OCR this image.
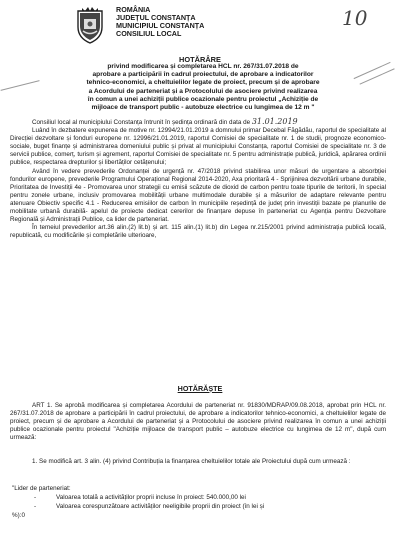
ROMÂNIA
JUDEȚUL CONSTANȚA
MUNICIPIUL CONSTANȚA
CONSILIUL LOCAL
10
HOTĂRÂRE
privind modificarea și completarea HCL nr. 267/31.07.2018 de
aprobare a participării în cadrul proiectului, de aprobare a indicatorilor
tehnico-economici, a cheltuielilor legate de proiect, precum și de aprobare
a Acordului de parteneriat și a Protocolului de asociere privind realizarea
în comun a unei achiziții publice ocazionale pentru proiectul „Achiziție de
mijloace de transport public - autobuze electrice cu lungimea de 12 m "

Consiliul local al municipiului Constanța întrunit în ședința ordinară din data de 31.01.2019

Luând în dezbatere expunerea de motive nr. 12994/21.01.2019 a domnului primar Decebal Făgădău, raportul de specialitate al Direcției dezvoltare și fonduri europene nr. 12996/21.01.2019, raportul Comisiei de specialitate nr. 1 de studii, prognoze economico-sociale, buget finanțe și administrarea domeniului public și privat al municipiului Constanța, raportul Comisiei de specialitate nr. 3 de servicii publice, comerț, turism și agrement, raportul Comisiei de specialitate nr. 5 pentru administrație publică, juridică, apărarea ordinii publice, respectarea drepturilor și libertăților cetățenului;

Având în vedere prevederile Ordonanței de urgență nr. 47/2018 privind stabilirea unor măsuri de urgentare a absorbției fondurilor europene, prevederile Programului Operațional Regional 2014-2020, Axa prioritară 4 - Sprijinirea dezvoltării urbane durabile, Prioritatea de Investiții 4e - Promovarea unor strategii cu emisii scăzute de dioxid de carbon pentru toate tipurile de teritorii, în special pentru zonele urbane, inclusiv promovarea mobilității urbane multimodale durabile și a măsurilor de adaptare relevante pentru atenuare Obiectiv specific 4.1 - Reducerea emisiilor de carbon în municipiile reședință de județ prin investiții bazate pe planurile de mobilitate urbană durabilă- apelul de proiecte dedicat cererilor de finanțare depuse în parteneriat cu Agenția pentru Dezvoltare Regională și Administrații Publice, ca lider de parteneriat.

În temeiul prevederilor art.36 alin.(2) lit.b) și art. 115 alin.(1) lit.b) din Legea nr.215/2001 privind administrația publică locală, republicată, cu modificările și completările ulterioare,

HOTĂRĂȘTE

ART 1. Se aprobă modificarea și completarea Acordului de parteneriat nr. 91830/MDRAP/09.08.2018, aprobat prin HCL nr. 267/31.07.2018 de aprobare a participării în cadrul proiectului, de aprobare a indicatorilor tehnico-economici, a cheltuielilor legate de proiect, precum și de aprobare a Acordului de parteneriat și a Protocolului de asociere privind realizarea în comun a unei achiziții publice ocazionale pentru proiectul "Achiziție mijloace de transport public – autobuze electrice cu lungimea de 12 m", după cum urmează:

1. Se modifică art. 3 alin. (4) privind Contribuția la finanțarea cheltuielilor totale ale Proiectului după cum urmează :

"Lider de parteneriat:
-	Valoarea totală a activităților proprii incluse în proiect: 540.000,00 lei
-	Valoarea corespunzătoare activităților neeligibile proprii din proiect (în lei și
%):0
